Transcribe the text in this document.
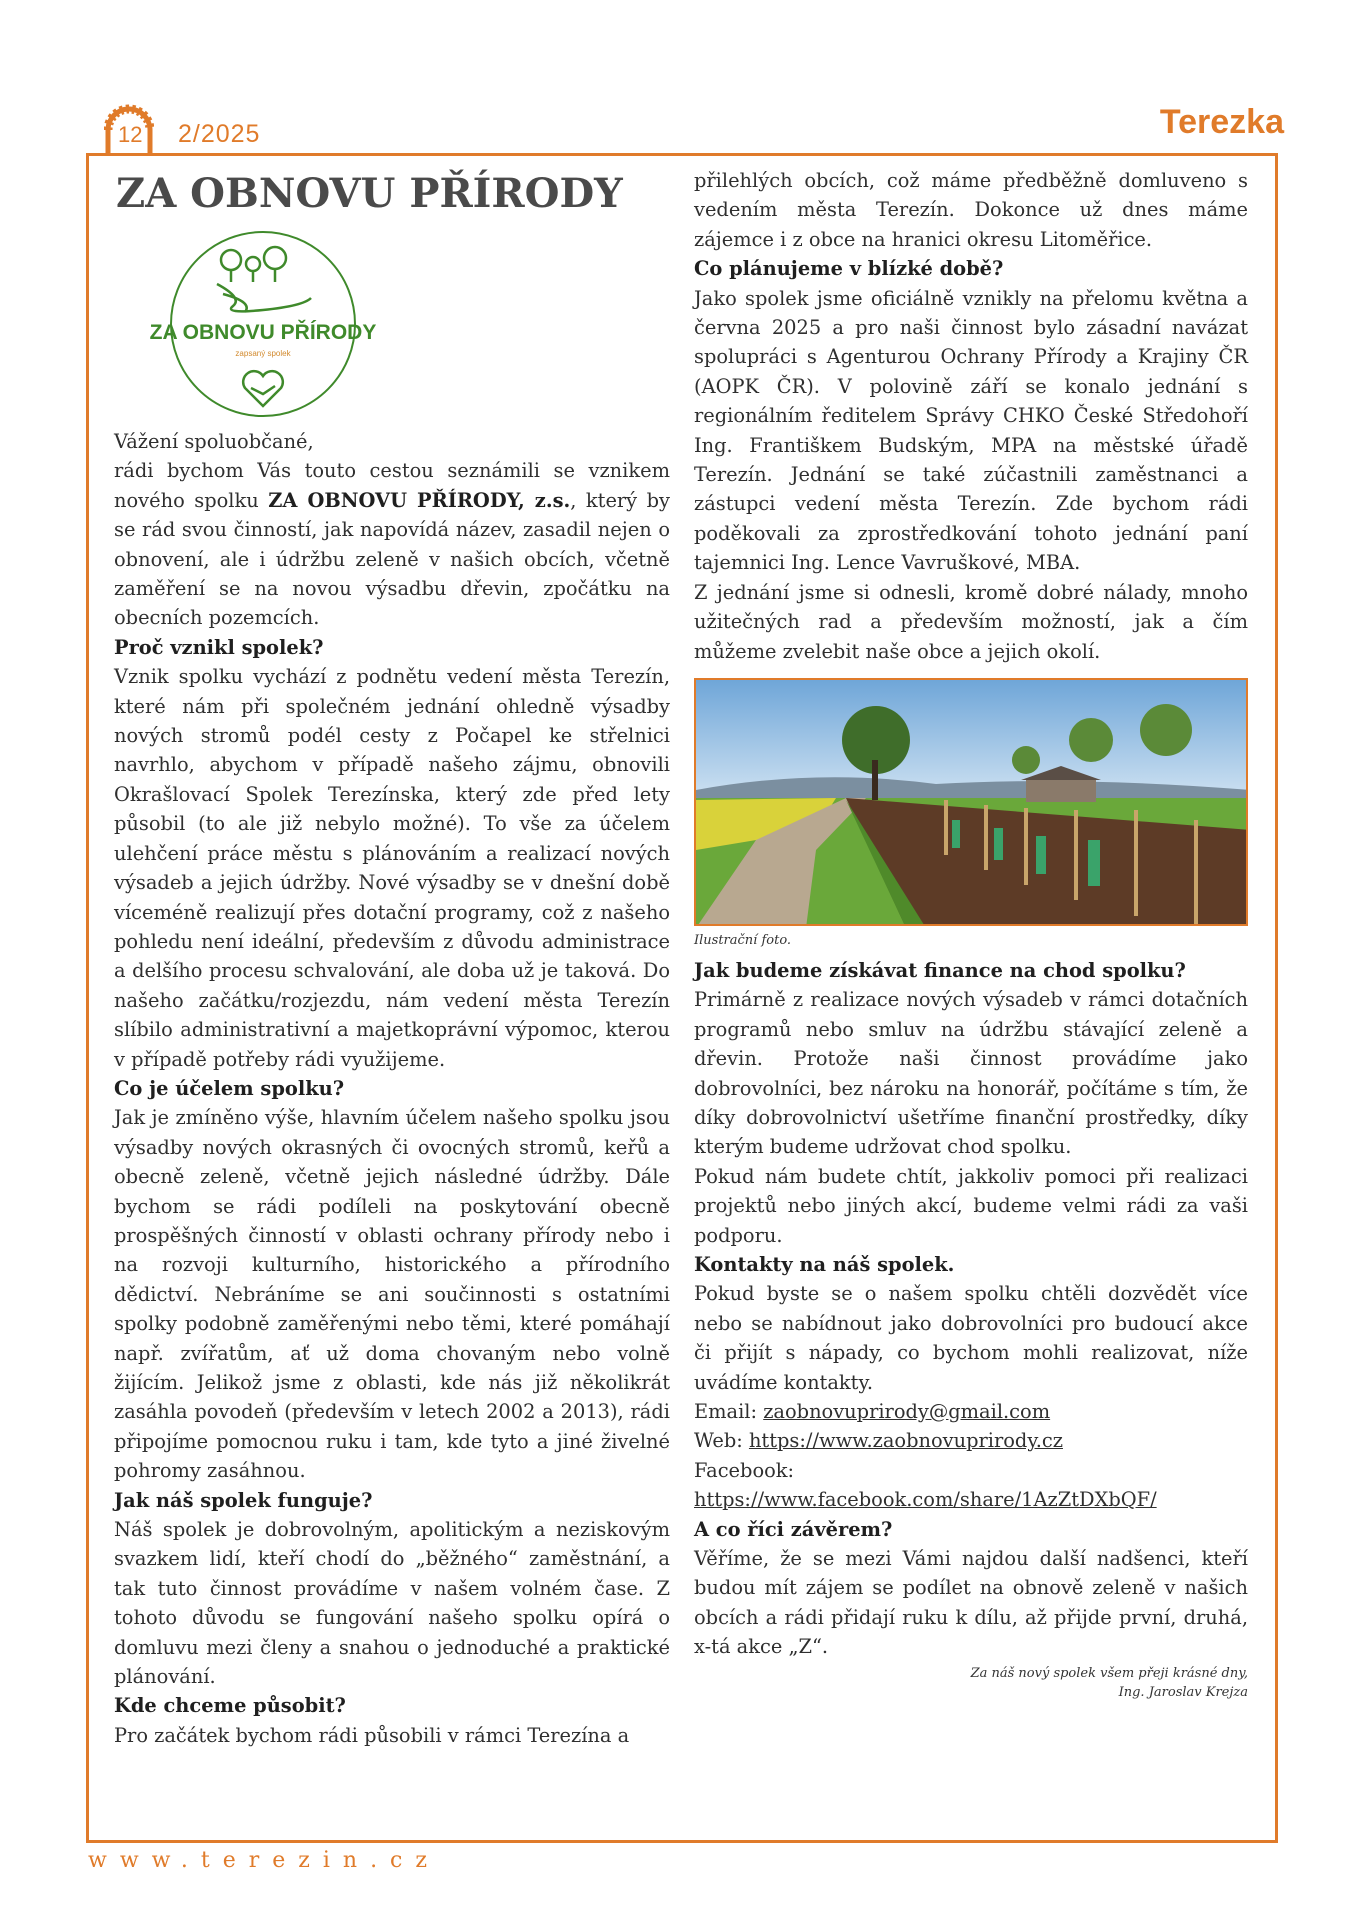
12 2/2025	Terezka
ZA OBNOVU PŘÍRODY
ZA OBNOVU PŘÍRODY
zapsaný spolek

Vážení spoluobčané,

rádi bychom Vás touto cestou seznámili se vznikem nového spolku ZA OBNOVU PŘÍRODY, z.s., který by se rád svou činností, jak napovídá název, zasadil nejen o obnovení, ale i údržbu zeleně v našich obcích, včetně zaměření se na novou výsadbu dřevin, zpočátku na obecních pozemcích.

Proč vznikl spolek?

Vznik spolku vychází z podnětu vedení města Terezín, které nám při společném jednání ohledně výsadby nových stromů podél cesty z Počapel ke střelnici navrhlo, abychom v případě našeho zájmu, obnovili Okrašlovací Spolek Terezínska, který zde před lety působil (to ale již nebylo možné). To vše za účelem ulehčení práce městu s plánováním a realizací nových výsadeb a jejich údržby. Nové výsadby se v dnešní době víceméně realizují přes dotační programy, což z našeho pohledu není ideální, především z důvodu administrace a delšího procesu schvalování, ale doba už je taková. Do našeho začátku/rozjezdu, nám vedení města Terezín slíbilo administrativní a majetkoprávní výpomoc, kterou v případě potřeby rádi využijeme.

Co je účelem spolku?

Jak je zmíněno výše, hlavním účelem našeho spolku jsou výsadby nových okrasných či ovocných stromů, keřů a obecně zeleně, včetně jejich následné údržby. Dále bychom se rádi podíleli na poskytování obecně prospěšných činností v oblasti ochrany přírody nebo i na rozvoji kulturního, historického a přírodního dědictví. Nebráníme se ani součinnosti s ostatními spolky podobně zaměřenými nebo těmi, které pomáhají např. zvířatům, ať už doma chovaným nebo volně žijícím. Jelikož jsme z oblasti, kde nás již několikrát zasáhla povodeň (především v letech 2002 a 2013), rádi připojíme pomocnou ruku i tam, kde tyto a jiné živelné pohromy zasáhnou.

Jak náš spolek funguje?

Náš spolek je dobrovolným, apolitickým a neziskovým svazkem lidí, kteří chodí do „běžného“ zaměstnání, a tak tuto činnost provádíme v našem volném čase. Z tohoto důvodu se fungování našeho spolku opírá o domluvu mezi členy a snahou o jednoduché a praktické plánování.

Kde chceme působit?

Pro začátek bychom rádi působili v rámci Terezína a

přilehlých obcích, což máme předběžně domluveno s vedením města Terezín. Dokonce už dnes máme zájemce i z obce na hranici okresu Litoměřice.

Co plánujeme v blízké době?

Jako spolek jsme oficiálně vznikly na přelomu května a června 2025 a pro naši činnost bylo zásadní navázat spolupráci s Agenturou Ochrany Přírody a Krajiny ČR (AOPK ČR). V polovině září se konalo jednání s regionálním ředitelem Správy CHKO České Středohoří Ing. Františkem Budským, MPA na městské úřadě Terezín. Jednání se také zúčastnili zaměstnanci a zástupci vedení města Terezín. Zde bychom rádi poděkovali za zprostředkování tohoto jednání paní tajemnici Ing. Lence Vavruškové, MBA.

Z jednání jsme si odnesli, kromě dobré nálady, mnoho užitečných rad a především možností, jak a čím můžeme zvelebit naše obce a jejich okolí.

Ilustrační foto.
Jak budeme získávat finance na chod spolku?

Primárně z realizace nových výsadeb v rámci dotačních programů nebo smluv na údržbu stávající zeleně a dřevin. Protože naši činnost provádíme jako dobrovolníci, bez nároku na honorář, počítáme s tím, že díky dobrovolnictví ušetříme finanční prostředky, díky kterým budeme udržovat chod spolku.

Pokud nám budete chtít, jakkoliv pomoci při realizaci projektů nebo jiných akcí, budeme velmi rádi za vaši podporu.

Kontakty na náš spolek.

Pokud byste se o našem spolku chtěli dozvědět více nebo se nabídnout jako dobrovolníci pro budoucí akce či přijít s nápady, co bychom mohli realizovat, níže uvádíme kontakty.

Email: zaobnovuprirody@gmail.com

Web: https://www.zaobnovuprirody.cz

Facebook:

https://www.facebook.com/share/1AzZtDXbQF/

A co říci závěrem?

Věříme, že se mezi Vámi najdou další nadšenci, kteří budou mít zájem se podílet na obnově zeleně v našich obcích a rádi přidají ruku k dílu, až přijde první, druhá, x-tá akce „Z“.

Za náš nový spolek všem přeji krásné dny,
Ing. Jaroslav Krejza
www.terezin.cz
